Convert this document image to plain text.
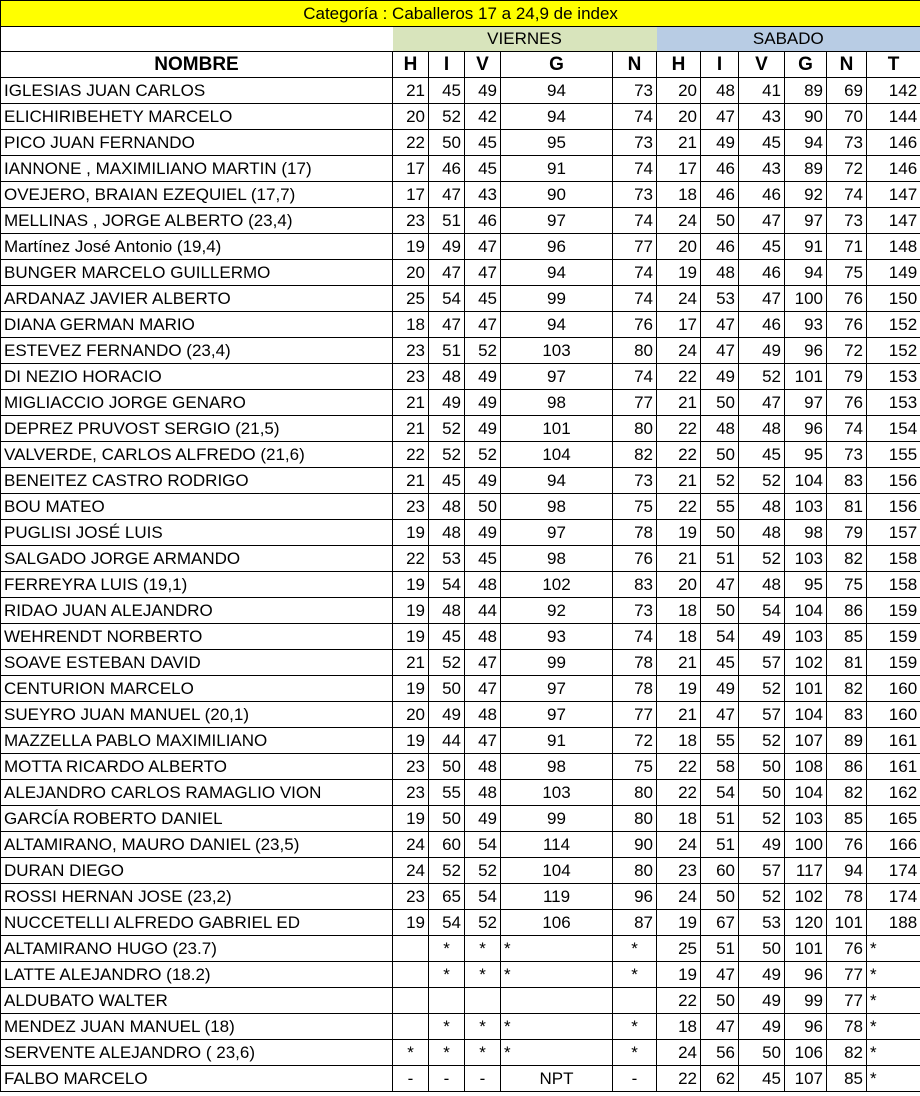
Categoría : Caballeros 17 a 24,9 de index											
	VIERNES					SABADO					
NOMBRE	H	I	V	G	N	H	I	V	G	N	T
IGLESIAS JUAN CARLOS	21	45	49	94	73	20	48	41	89	69	142
ELICHIRIBEHETY MARCELO	20	52	42	94	74	20	47	43	90	70	144
PICO JUAN FERNANDO	22	50	45	95	73	21	49	45	94	73	146
IANNONE , MAXIMILIANO MARTIN (17)	17	46	45	91	74	17	46	43	89	72	146
OVEJERO, BRAIAN EZEQUIEL (17,7)	17	47	43	90	73	18	46	46	92	74	147
MELLINAS , JORGE ALBERTO (23,4)	23	51	46	97	74	24	50	47	97	73	147
Martínez José Antonio (19,4)	19	49	47	96	77	20	46	45	91	71	148
BUNGER MARCELO GUILLERMO	20	47	47	94	74	19	48	46	94	75	149
ARDANAZ JAVIER ALBERTO	25	54	45	99	74	24	53	47	100	76	150
DIANA GERMAN MARIO	18	47	47	94	76	17	47	46	93	76	152
ESTEVEZ FERNANDO (23,4)	23	51	52	103	80	24	47	49	96	72	152
DI NEZIO HORACIO	23	48	49	97	74	22	49	52	101	79	153
MIGLIACCIO JORGE GENARO	21	49	49	98	77	21	50	47	97	76	153
DEPREZ PRUVOST SERGIO (21,5)	21	52	49	101	80	22	48	48	96	74	154
VALVERDE, CARLOS ALFREDO (21,6)	22	52	52	104	82	22	50	45	95	73	155
BENEITEZ CASTRO RODRIGO	21	45	49	94	73	21	52	52	104	83	156
BOU MATEO	23	48	50	98	75	22	55	48	103	81	156
PUGLISI JOSÉ LUIS	19	48	49	97	78	19	50	48	98	79	157
SALGADO JORGE ARMANDO	22	53	45	98	76	21	51	52	103	82	158
FERREYRA LUIS (19,1)	19	54	48	102	83	20	47	48	95	75	158
RIDAO JUAN ALEJANDRO	19	48	44	92	73	18	50	54	104	86	159
WEHRENDT NORBERTO	19	45	48	93	74	18	54	49	103	85	159
SOAVE ESTEBAN DAVID	21	52	47	99	78	21	45	57	102	81	159
CENTURION MARCELO	19	50	47	97	78	19	49	52	101	82	160
SUEYRO JUAN MANUEL (20,1)	20	49	48	97	77	21	47	57	104	83	160
MAZZELLA PABLO MAXIMILIANO	19	44	47	91	72	18	55	52	107	89	161
MOTTA RICARDO ALBERTO	23	50	48	98	75	22	58	50	108	86	161
ALEJANDRO CARLOS RAMAGLIO VION	23	55	48	103	80	22	54	50	104	82	162
GARCÍA ROBERTO DANIEL	19	50	49	99	80	18	51	52	103	85	165
ALTAMIRANO, MAURO DANIEL (23,5)	24	60	54	114	90	24	51	49	100	76	166
DURAN DIEGO	24	52	52	104	80	23	60	57	117	94	174
ROSSI HERNAN JOSE (23,2)	23	65	54	119	96	24	50	52	102	78	174
NUCCETELLI ALFREDO GABRIEL ED	19	54	52	106	87	19	67	53	120	101	188
ALTAMIRANO HUGO (23.7)		*	*	*	*	25	51	50	101	76	*
LATTE ALEJANDRO (18.2)		*	*	*	*	19	47	49	96	77	*
ALDUBATO WALTER						22	50	49	99	77	*
MENDEZ JUAN MANUEL (18)		*	*	*	*	18	47	49	96	78	*
SERVENTE ALEJANDRO ( 23,6)	*	*	*	*	*	24	56	50	106	82	*
FALBO MARCELO	-	-	-	NPT	-	22	62	45	107	85	*
